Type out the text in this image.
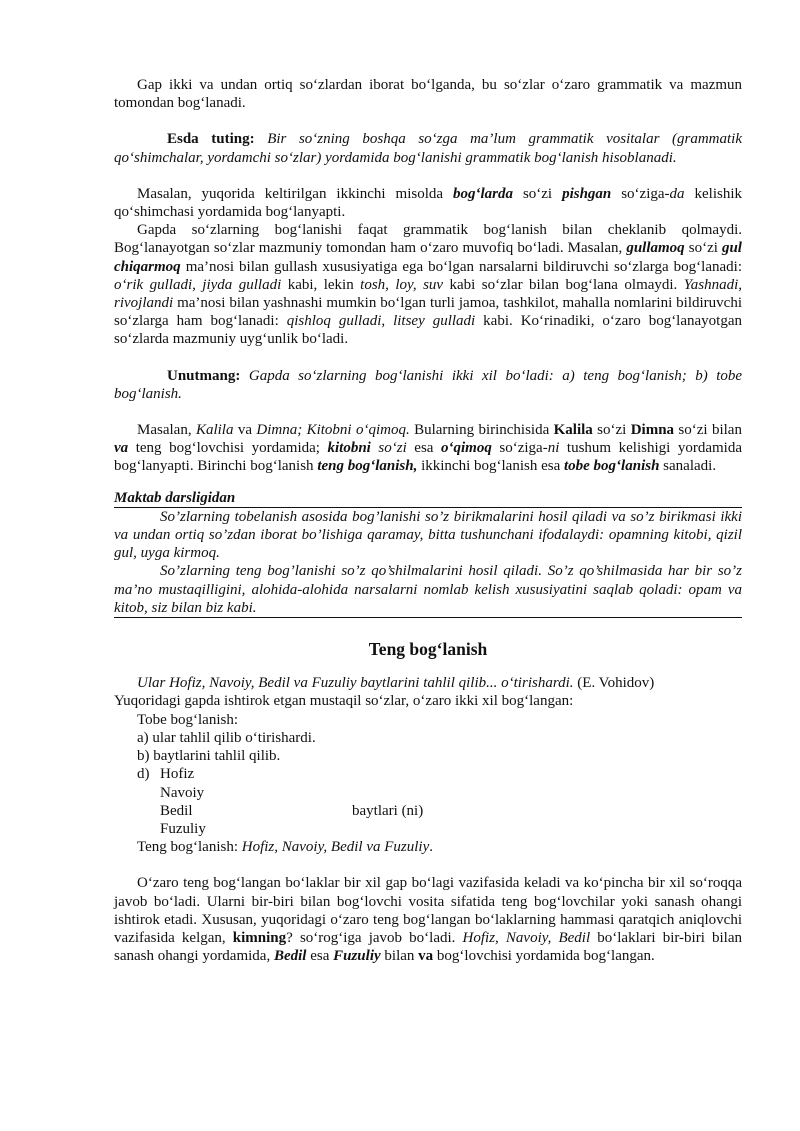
Gap ikki va undan ortiq so‘zlardan iborat bo‘lganda, bu so‘zlar o‘zaro grammatik va mazmun tomondan bog‘lanadi.

Esda tuting: Bir so‘zning boshqa so‘zga ma’lum grammatik vositalar (grammatik qo‘shimchalar, yordamchi so‘zlar) yordamida bog‘lanishi grammatik bog‘lanish hisoblanadi.

Masalan, yuqorida keltirilgan ikkinchi misolda bog‘larda so‘zi pishgan so‘ziga-da kelishik qo‘shimchasi yordamida bog‘lanyapti.

Gapda so‘zlarning bog‘lanishi faqat grammatik bog‘lanish bilan cheklanib qolmaydi. Bog‘lanayotgan so‘zlar mazmuniy tomondan ham o‘zaro muvofiq bo‘ladi. Masalan, gullamoq so‘zi gul chiqarmoq ma’nosi bilan gullash xususiyatiga ega bo‘lgan narsalarni bildiruvchi so‘zlarga bog‘lanadi: o‘rik gulladi, jiyda gulladi kabi, lekin tosh, loy, suv kabi so‘zlar bilan bog‘lana olmaydi. Yashnadi, rivojlandi ma’nosi bilan yashnashi mumkin bo‘lgan turli jamoa, tashkilot, mahalla nomlarini bildiruvchi so‘zlarga ham bog‘lanadi: qishloq gulladi, litsey gulladi kabi. Ko‘rinadiki, o‘zaro bog‘lanayotgan so‘zlarda mazmuniy uyg‘unlik bo‘ladi.

Unutmang: Gapda so‘zlarning bog‘lanishi ikki xil bo‘ladi: a) teng bog‘lanish; b) tobe bog‘lanish.

Masalan, Kalila va Dimna; Kitobni o‘qimoq. Bularning birinchisida Kalila so‘zi Dimna so‘zi bilan va teng bog‘lovchisi yordamida; kitobni so‘zi esa o‘qimoq so‘ziga-ni tushum kelishigi yordamida bog‘lanyapti. Birinchi bog‘lanish teng bog‘lanish, ikkinchi bog‘lanish esa tobe bog‘lanish sanaladi.

Maktab darsligidan

So’zlarning tobelanish asosida bog’lanishi so’z birikmalarini hosil qiladi va so’z birikmasi ikki va undan ortiq so’zdan iborat bo’lishiga qaramay, bitta tushunchani ifodalaydi: opamning kitobi, qizil gul, uyga kirmoq.

So’zlarning teng bog’lanishi so’z qo’shilmalarini hosil qiladi. So’z qo’shilmasida har bir so’z ma’no mustaqilligini, alohida-alohida narsalarni nomlab kelish xususiyatini saqlab qoladi: opam va kitob, siz bilan biz kabi.

Teng bog‘lanish

Ular Hofiz, Navoiy, Bedil va Fuzuliy baytlarini tahlil qilib... o‘tirishardi. (E. Vohidov)

Yuqoridagi gapda ishtirok etgan mustaqil so‘zlar, o‘zaro ikki xil bog‘langan:

Tobe bog‘lanish:

a) ular tahlil qilib o‘tirishardi.

b) baytlarini tahlil qilib.

d) Hofiz

Navoiy

Bedil	baytlari (ni)

Fuzuliy

Teng bog‘lanish: Hofiz, Navoiy, Bedil va Fuzuliy.

O‘zaro teng bog‘langan bo‘laklar bir xil gap bo‘lagi vazifasida keladi va ko‘pincha bir xil so‘roqqa javob bo‘ladi. Ularni bir-biri bilan bog‘lovchi vosita sifatida teng bog‘lovchilar yoki sanash ohangi ishtirok etadi. Xususan, yuqoridagi o‘zaro teng bog‘langan bo‘laklarning hammasi qaratqich aniqlovchi vazifasida kelgan, kimning? so‘rog‘iga javob bo‘ladi. Hofiz, Navoiy, Bedil bo‘laklari bir-biri bilan sanash ohangi yordamida, Bedil esa Fuzuliy bilan va bog‘lovchisi yordamida bog‘langan.
